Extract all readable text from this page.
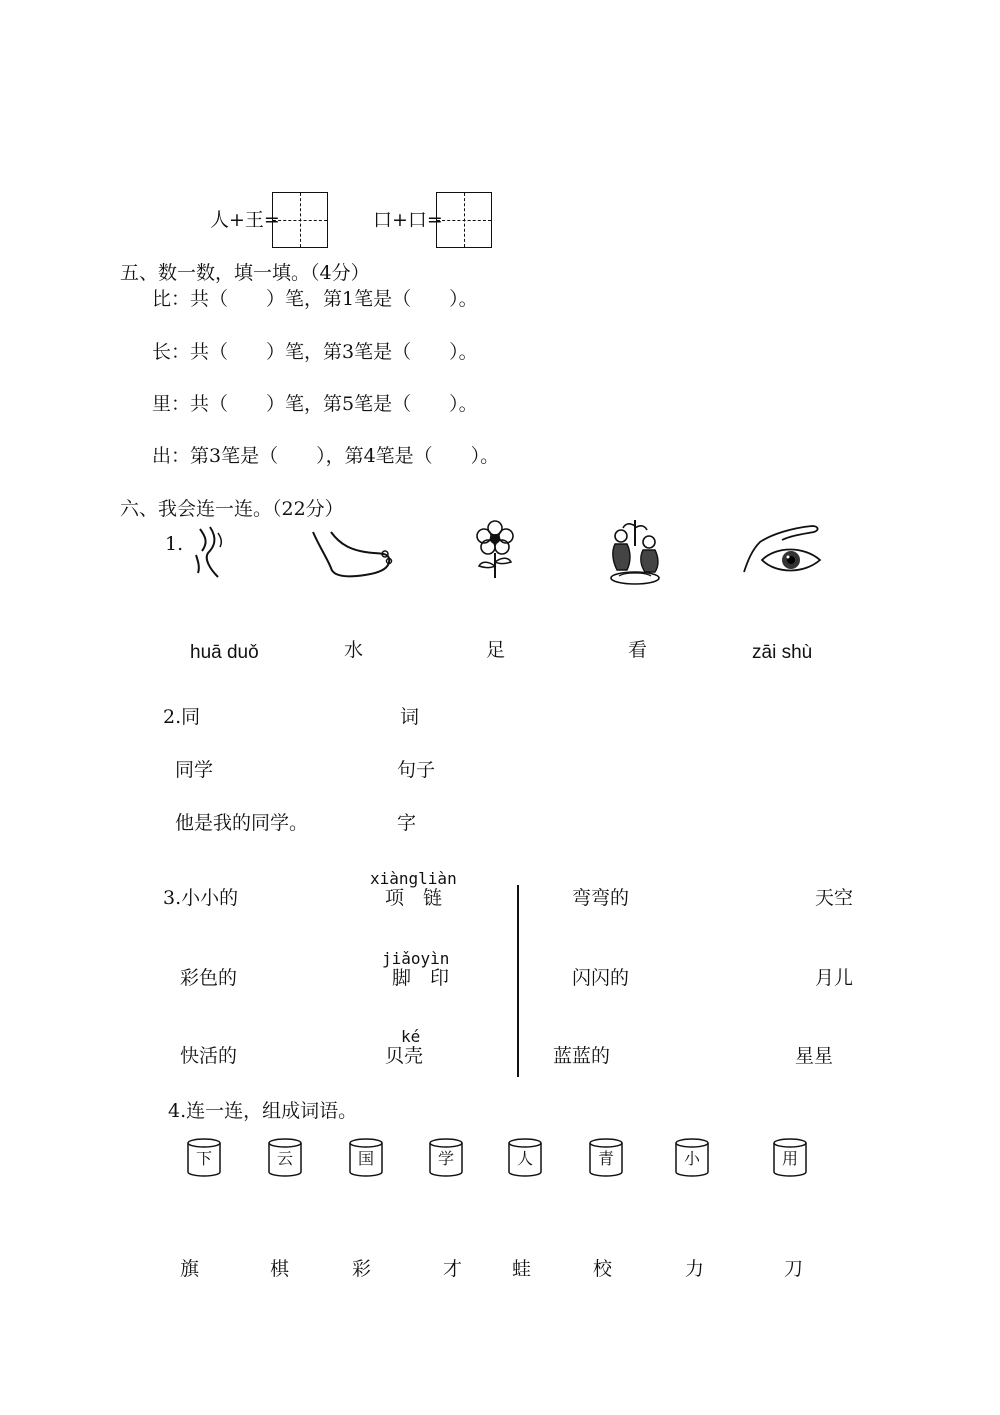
人+王=	口+口=
五、数一数，填一填。（4分）
比：共（　　）笔，第1笔是（　　）。
长：共（　　）笔，第3笔是（　　）。
里：共（　　）笔，第5笔是（　　）。
出：第3笔是（　　），第4笔是（　　）。
六、我会连一连。（22分）
1.
huā duǒ	水	足	看	zāi shù
2.同
同学
他是我的同学。
词
句子
字
3.小小的
彩色的
快活的
xiàngliàn
项　链
jiǎoyìn
脚　印
ké
贝壳
弯弯的
闪闪的
蓝蓝的
天空
月儿
星星
4.连一连，组成词语。
下	云	国	学	人	青	小	用
旗	棋	彩	才	蛙	校	力	刀
